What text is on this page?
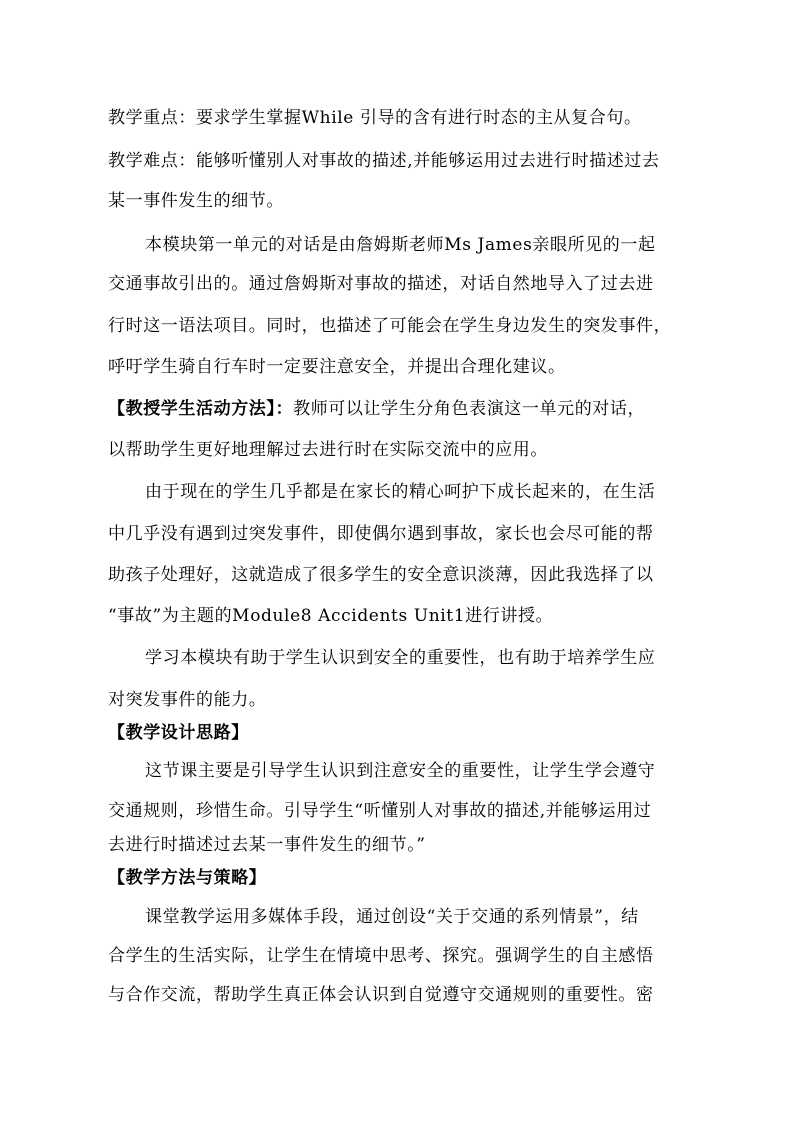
教学重点：要求学生掌握While 引导的含有进行时态的主从复合句。
教学难点：能够听懂别人对事故的描述,并能够运用过去进行时描述过去
某一事件发生的细节。
本模块第一单元的对话是由詹姆斯老师Ms James亲眼所见的一起
交通事故引出的。通过詹姆斯对事故的描述，对话自然地导入了过去进
行时这一语法项目。同时，也描述了可能会在学生身边发生的突发事件，
呼吁学生骑自行车时一定要注意安全，并提出合理化建议。
【教授学生活动方法】：教师可以让学生分角色表演这一单元的对话，
以帮助学生更好地理解过去进行时在实际交流中的应用。
由于现在的学生几乎都是在家长的精心呵护下成长起来的，在生活
中几乎没有遇到过突发事件，即使偶尔遇到事故，家长也会尽可能的帮
助孩子处理好，这就造成了很多学生的安全意识淡薄，因此我选择了以
“事故”为主题的Module8 Accidents Unit1进行讲授。
学习本模块有助于学生认识到安全的重要性，也有助于培养学生应
对突发事件的能力。
【教学设计思路】
这节课主要是引导学生认识到注意安全的重要性，让学生学会遵守
交通规则，珍惜生命。引导学生“听懂别人对事故的描述,并能够运用过
去进行时描述过去某一事件发生的细节。”
【教学方法与策略】
课堂教学运用多媒体手段，通过创设“关于交通的系列情景”，结
合学生的生活实际，让学生在情境中思考、探究。强调学生的自主感悟
与合作交流，帮助学生真正体会认识到自觉遵守交通规则的重要性。密
